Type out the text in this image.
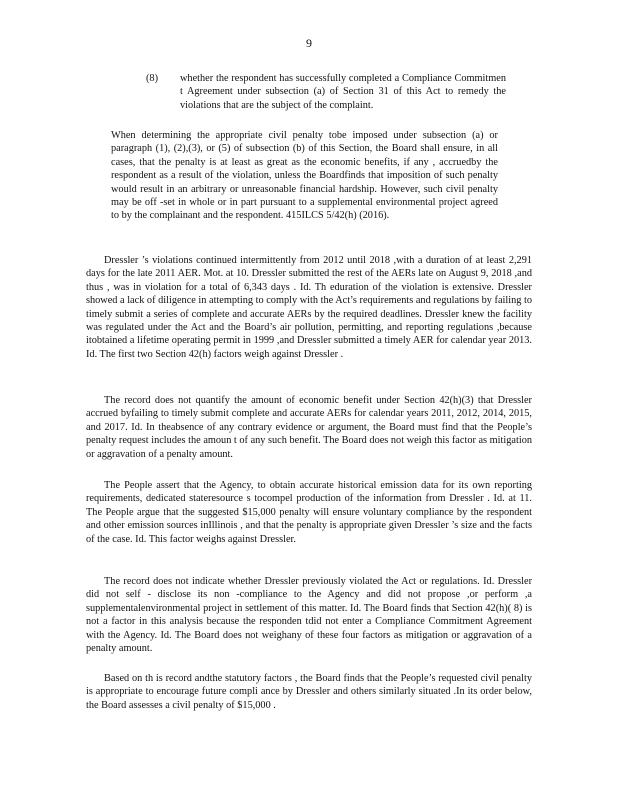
9
(8)	whether the respondent has successfully completed a Compliance Commitmen t Agreement under subsection (a) of Section 31 of this Act to remedy the violations that are the subject of the complaint.

When determining the appropriate civil penalty tobe imposed under subsection (a) or paragraph (1), (2),(3), or (5) of subsection (b) of this Section, the Board shall ensure, in all cases, that the penalty is at least as great as the economic benefits, if any , accruedby the respondent as a result of the violation, unless the Boardfinds that imposition of such penalty would result in an arbitrary or unreasonable financial hardship. However, such civil penalty may be off -set in whole or in part pursuant to a supplemental environmental project agreed to by the complainant and the respondent. 415ILCS 5/42(h) (2016).

Dressler ’s violations continued intermittently from 2012 until 2018 ,with a duration of at least 2,291 days for the late 2011 AER. Mot. at 10. Dressler submitted the rest of the AERs late on August 9, 2018 ,and thus , was in violation for a total of 6,343 days . Id. Th eduration of the violation is extensive. Dressler showed a lack of diligence in attempting to comply with the Act’s requirements and regulations by failing to timely submit a series of complete and accurate AERs by the required deadlines. Dressler knew the facility was regulated under the Act and the Board’s air pollution, permitting, and reporting regulations ,because itobtained a lifetime operating permit in 1999 ,and Dressler submitted a timely AER for calendar year 2013. Id. The first two Section 42(h) factors weigh against Dressler .

The record does not quantify the amount of economic benefit under Section 42(h)(3) that Dressler accrued byfailing to timely submit complete and accurate AERs for calendar years 2011, 2012, 2014, 2015, and 2017. Id. In theabsence of any contrary evidence or argument, the Board must find that the People’s penalty request includes the amoun t of any such benefit. The Board does not weigh this factor as mitigation or aggravation of a penalty amount.

The People assert that the Agency, to obtain accurate historical emission data for its own reporting requirements, dedicated stateresource s tocompel production of the information from Dressler . Id. at 11. The People argue that the suggested $15,000 penalty will ensure voluntary compliance by the respondent and other emission sources inIllinois , and that the penalty is appropriate given Dressler ’s size and the facts of the case. Id. This factor weighs against Dressler.

The record does not indicate whether Dressler previously violated the Act or regulations. Id. Dressler did not self - disclose its non -compliance to the Agency and did not propose ,or perform ,a supplementalenvironmental project in settlement of this matter. Id. The Board finds that Section 42(h)( 8) is not a factor in this analysis because the responden tdid not enter a Compliance Commitment Agreement with the Agency. Id. The Board does not weighany of these four factors as mitigation or aggravation of a penalty amount.

Based on th is record andthe statutory factors , the Board finds that the People’s requested civil penalty is appropriate to encourage future compli ance by Dressler and others similarly situated .In its order below, the Board assesses a civil penalty of $15,000 .
